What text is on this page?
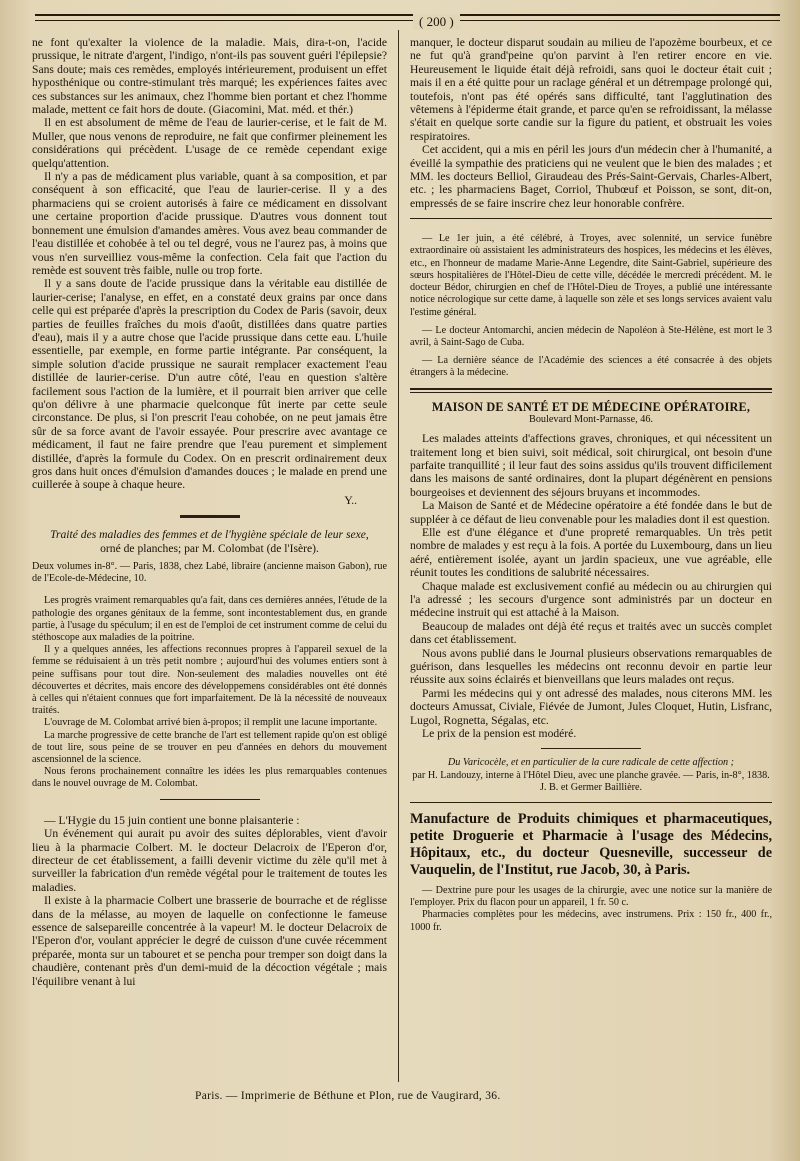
( 200 )

ne font qu'exalter la violence de la maladie. Mais, dira-t-on, l'acide prussique, le nitrate d'argent, l'indigo, n'ont-ils pas souvent guéri l'épilepsie? Sans doute; mais ces remèdes, employés intérieurement, produisent un effet hyposthénique ou contre-stimulant très marqué; les expériences faites avec ces substances sur les animaux, chez l'homme bien portant et chez l'homme malade, mettent ce fait hors de doute. (Giacomini, Mat. méd. et thér.)

Il en est absolument de même de l'eau de laurier-cerise, et le fait de M. Muller, que nous venons de reproduire, ne fait que confirmer pleinement les considérations qui précèdent. L'usage de ce remède cependant exige quelqu'attention.

Il n'y a pas de médicament plus variable, quant à sa composition, et par conséquent à son efficacité, que l'eau de laurier-cerise. Il y a des pharmaciens qui se croient autorisés à faire ce médicament en dissolvant une certaine proportion d'acide prussique. D'autres vous donnent tout bonnement une émulsion d'amandes amères. Vous avez beau commander de l'eau distillée et cohobée à tel ou tel degré, vous ne l'aurez pas, à moins que vous n'en surveilliez vous-même la confection. Cela fait que l'action du remède est souvent très faible, nulle ou trop forte.

Il y a sans doute de l'acide prussique dans la véritable eau distillée de laurier-cerise; l'analyse, en effet, en a constaté deux grains par once dans celle qui est préparée d'après la prescription du Codex de Paris (savoir, deux parties de feuilles fraîches du mois d'août, distillées dans quatre parties d'eau), mais il y a autre chose que l'acide prussique dans cette eau. L'huile essentielle, par exemple, en forme partie intégrante. Par conséquent, la simple solution d'acide prussique ne saurait remplacer exactement l'eau distillée de laurier-cerise. D'un autre côté, l'eau en question s'altère facilement sous l'action de la lumière, et il pourrait bien arriver que celle qu'on délivre à une pharmacie quelconque fût inerte par cette seule circonstance. De plus, si l'on prescrit l'eau cohobée, on ne peut jamais être sûr de sa force avant de l'avoir essayée. Pour prescrire avec avantage ce médicament, il faut ne faire prendre que l'eau purement et simplement distillée, d'après la formule du Codex. On en prescrit ordinairement deux gros dans huit onces d'émulsion d'amandes douces ; le malade en prend une cuillerée à soupe à chaque heure.

Y..

Traité des maladies des femmes et de l'hygiène spéciale de leur sexe,

orné de planches; par M. Colombat (de l'Isère).

Deux volumes in-8°. — Paris, 1838, chez Labé, libraire (ancienne maison Gabon), rue de l'Ecole-de-Médecine, 10.

Les progrès vraiment remarquables qu'a fait, dans ces dernières années, l'étude de la pathologie des organes génitaux de la femme, sont incontestablement dus, en grande partie, à l'usage du spéculum; il en est de l'emploi de cet instrument comme de celui du stéthoscope aux maladies de la poitrine.

Il y a quelques années, les affections reconnues propres à l'appareil sexuel de la femme se réduisaient à un très petit nombre ; aujourd'hui des volumes entiers sont à peine suffisans pour tout dire. Non-seulement des maladies nouvelles ont été découvertes et décrites, mais encore des développemens considérables ont été donnés à celles qui n'étaient connues que fort imparfaitement. De là la nécessité de nouveaux traités.

L'ouvrage de M. Colombat arrivé bien à-propos; il remplit une lacune importante.

La marche progressive de cette branche de l'art est tellement rapide qu'on est obligé de tout lire, sous peine de se trouver en peu d'années en dehors du mouvement ascensionnel de la science.

Nous ferons prochainement connaître les idées les plus remarquables contenues dans le nouvel ouvrage de M. Colombat.

— L'Hygie du 15 juin contient une bonne plaisanterie :

Un événement qui aurait pu avoir des suites déplorables, vient d'avoir lieu à la pharmacie Colbert. M. le docteur Delacroix de l'Eperon d'or, directeur de cet établissement, a failli devenir victime du zèle qu'il met à surveiller la fabrication d'un remède végétal pour le traitement de toutes les maladies.

Il existe à la pharmacie Colbert une brasserie de bourrache et de réglisse dans de la mélasse, au moyen de laquelle on confectionne le fameuse essence de salsepareille concentrée à la vapeur! M. le docteur Delacroix de l'Eperon d'or, voulant apprécier le degré de cuisson d'une cuvée récemment préparée, monta sur un tabouret et se pencha pour tremper son doigt dans la chaudière, contenant près d'un demi-muid de la décoction végétale ; mais l'équilibre venant à lui

manquer, le docteur disparut soudain au milieu de l'apozème bourbeux, et ce ne fut qu'à grand'peine qu'on parvint à l'en retirer encore en vie. Heureusement le liquide était déjà refroidi, sans quoi le docteur était cuit ; mais il en a été quitte pour un raclage général et un détrempage prolongé qui, toutefois, n'ont pas été opérés sans difficulté, tant l'agglutination des vêtemens à l'épiderme était grande, et parce qu'en se refroidissant, la mélasse s'était en quelque sorte candie sur la figure du patient, et obstruait les voies respiratoires.

Cet accident, qui a mis en péril les jours d'un médecin cher à l'humanité, a éveillé la sympathie des praticiens qui ne veulent que le bien des malades ; et MM. les docteurs Belliol, Giraudeau des Prés-Saint-Gervais, Charles-Albert, etc. ; les pharmaciens Baget, Corriol, Thubœuf et Poisson, se sont, dit-on, empressés de se faire inscrire chez leur honorable confrère.

— Le 1er juin, a été célébré, à Troyes, avec solennité, un service funèbre extraordinaire où assistaient les administrateurs des hospices, les médecins et les élèves, etc., en l'honneur de madame Marie-Anne Legendre, dite Saint-Gabriel, supérieure des sœurs hospitalières de l'Hôtel-Dieu de cette ville, décédée le mercredi précédent. M. le docteur Bédor, chirurgien en chef de l'Hôtel-Dieu de Troyes, a publié une intéressante notice nécrologique sur cette dame, à laquelle son zèle et ses longs services avaient valu l'estime général.

— Le docteur Antomarchi, ancien médecin de Napoléon à Ste-Hélène, est mort le 3 avril, à Saint-Sago de Cuba.

— La dernière séance de l'Académie des sciences a été consacrée à des objets étrangers à la médecine.

MAISON DE SANTÉ ET DE MÉDECINE OPÉRATOIRE,

Boulevard Mont-Parnasse, 46.

Les malades atteints d'affections graves, chroniques, et qui nécessitent un traitement long et bien suivi, soit médical, soit chirurgical, ont besoin d'une parfaite tranquillité ; il leur faut des soins assidus qu'ils trouvent difficilement dans les maisons de santé ordinaires, dont la plupart dégénèrent en pensions bourgeoises et deviennent des séjours bruyans et incommodes.

La Maison de Santé et de Médecine opératoire a été fondée dans le but de suppléer à ce défaut de lieu convenable pour les maladies dont il est question.

Elle est d'une élégance et d'une propreté remarquables. Un très petit nombre de malades y est reçu à la fois. A portée du Luxembourg, dans un lieu aéré, entièrement isolée, ayant un jardin spacieux, une vue agréable, elle réunit toutes les conditions de salubrité nécessaires.

Chaque malade est exclusivement confié au médecin ou au chirurgien qui l'a adressé ; les secours d'urgence sont administrés par un docteur en médecine instruit qui est attaché à la Maison.

Beaucoup de malades ont déjà été reçus et traités avec un succès complet dans cet établissement.

Nous avons publié dans le Journal plusieurs observations remarquables de guérison, dans lesquelles les médecins ont reconnu devoir en partie leur réussite aux soins éclairés et bienveillans que leurs malades ont reçus.

Parmi les médecins qui y ont adressé des malades, nous citerons MM. les docteurs Amussat, Civiale, Fiévée de Jumont, Jules Cloquet, Hutin, Lisfranc, Lugol, Rognetta, Ségalas, etc.

Le prix de la pension est modéré.

Du Varicocèle, et en particulier de la cure radicale de cette affection ;

par H. Landouzy, interne à l'Hôtel Dieu, avec une planche gravée. — Paris, in-8°, 1838. J. B. et Germer Baillière.

Manufacture de Produits chimiques et pharmaceutiques, petite Droguerie et Pharmacie à l'usage des Médecins, Hôpitaux, etc., du docteur Quesneville, successeur de Vauquelin, de l'Institut, rue Jacob, 30, à Paris.

— Dextrine pure pour les usages de la chirurgie, avec une notice sur la manière de l'employer. Prix du flacon pour un appareil, 1 fr. 50 c.

Pharmacies complètes pour les médecins, avec instrumens. Prix : 150 fr., 400 fr., 1000 fr.

Paris. — Imprimerie de Béthune et Plon, rue de Vaugirard, 36.
